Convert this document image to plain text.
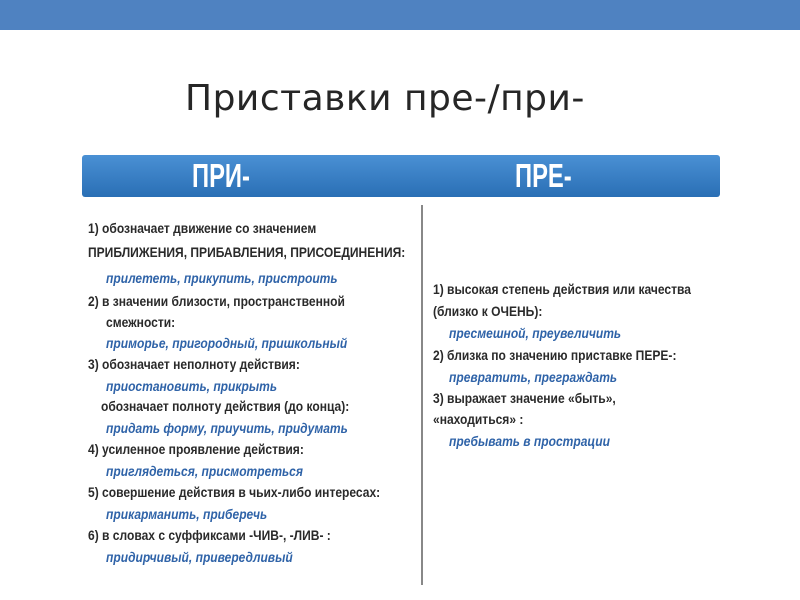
Приставки пре-/при-
ПРИ-	ПРЕ-
1) обозначает движение со значением
ПРИБЛИЖЕНИЯ, ПРИБАВЛЕНИЯ, ПРИСОЕДИНЕНИЯ:
прилететь, прикупить, пристроить
2) в значении близости, пространственной
смежности:
приморье, пригородный, пришкольный
3) обозначает неполноту действия:
приостановить, прикрыть
обозначает полноту действия (до конца):
придать форму, приучить, придумать
4) усиленное проявление действия:
приглядеться, присмотреться
5) совершение действия в чьих-либо интересах:
прикарманить, приберечь
6) в словах с суффиксами -ЧИВ-, -ЛИВ- :
придирчивый, привередливый
1) высокая степень действия или качества
(близко к ОЧЕНЬ):
пресмешной, преувеличить
2) близка по значению приставке ПЕРЕ-:
превратить, преграждать
3) выражает значение «быть»,
«находиться» :
пребывать в прострации
